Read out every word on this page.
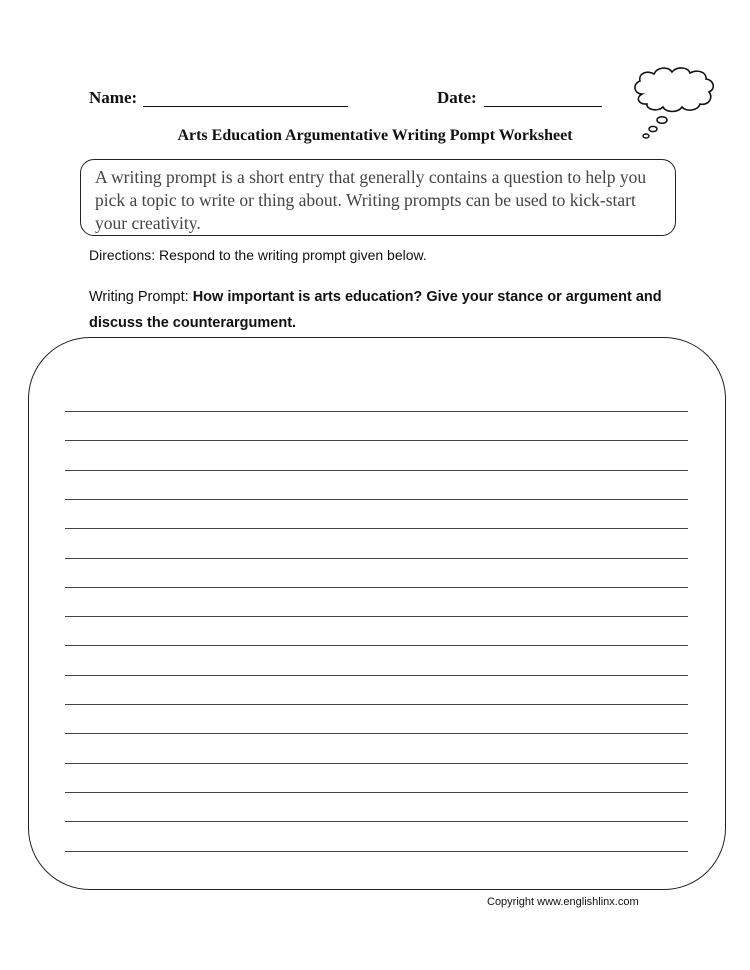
Name:	Date:
Arts Education Argumentative Writing Pompt Worksheet
A writing prompt is a short entry that generally contains a question to help you pick a topic to write or thing about. Writing prompts can be used to kick-start your creativity.
Directions: Respond to the writing prompt given below.
Writing Prompt: How important is arts education? Give your stance or argument and discuss the counterargument.
Copyright www.englishlinx.com
